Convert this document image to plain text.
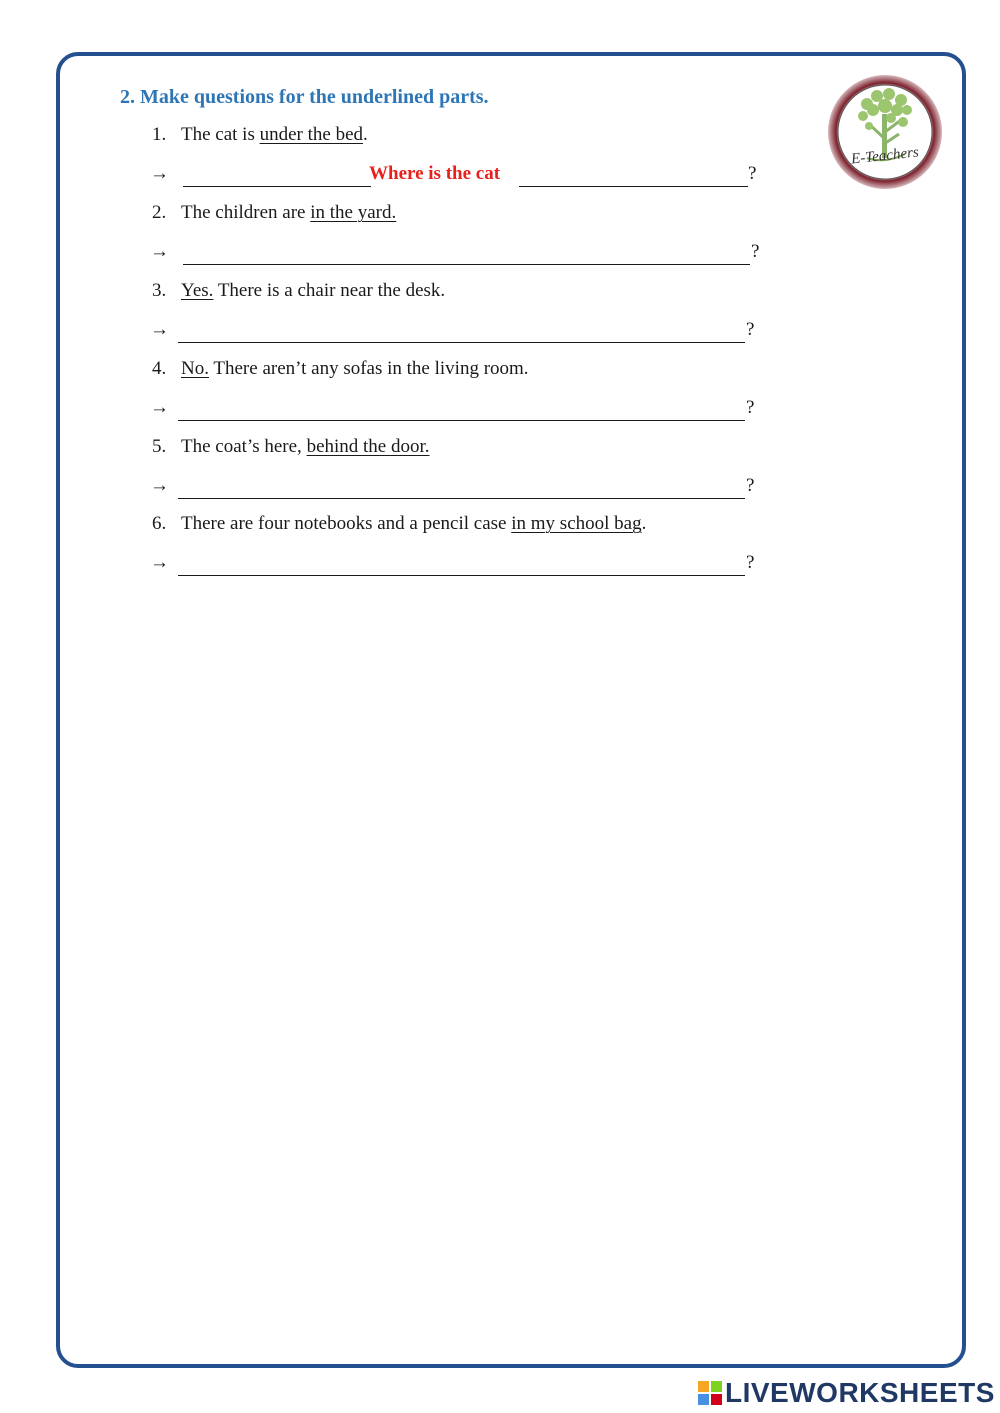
E-Teachers
2. Make questions for the underlined parts.
1. The cat is under the bed.
→
Where is the cat	?
2. The children are in the yard.
→	?
3. Yes. There is a chair near the desk.
→	?
4. No. There aren’t any sofas in the living room.
→	?
5. The coat’s here, behind the door.
→	?
6. There are four notebooks and a pencil case in my school bag.
→	?
LIVEWORKSHEETS
